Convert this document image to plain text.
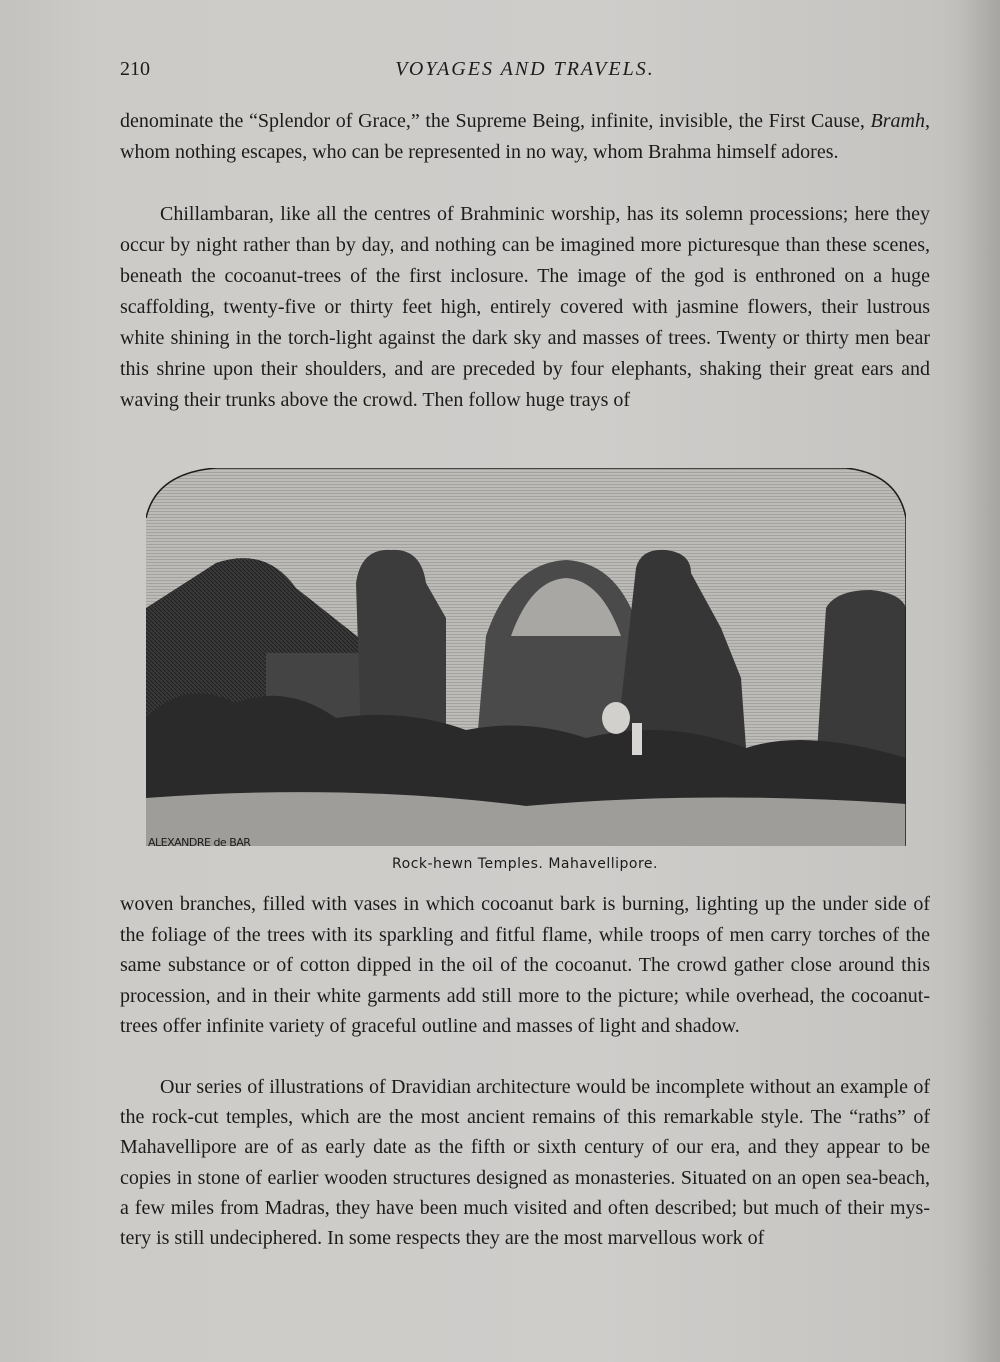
210	VOYAGES AND TRAVELS.

denominate the “Splendor of Grace,” the Supreme Being, infinite, invisible, the First Cause, Bramh, whom nothing escapes, who can be represented in no way, whom Brahma himself adores.

Chillambaran, like all the centres of Brahminic worship, has its solemn processions; here they occur by night rather than by day, and nothing can be imagined more picturesque than these scenes, beneath the cocoanut-trees of the first inclosure. The image of the god is enthroned on a huge scaffolding, twenty-five or thirty feet high, entirely covered with jasmine flowers, their lustrous white shining in the torch-light against the dark sky and masses of trees. Twenty or thirty men bear this shrine upon their shoulders, and are preceded by four elephants, shaking their great ears and waving their trunks above the crowd. Then follow huge trays of

ALEXANDRE de BAR
Rock-hewn Temples. Mahavellipore.

woven branches, filled with vases in which cocoanut bark is burning, lighting up the under side of the foliage of the trees with its sparkling and fitful flame, while troops of men carry torches of the same substance or of cotton dipped in the oil of the cocoanut. The crowd gather close around this procession, and in their white garments add still more to the picture; while overhead, the cocoanut-trees offer infinite variety of graceful outline and masses of light and shadow.

Our series of illustrations of Dravidian architecture would be incomplete without an example of the rock-cut temples, which are the most ancient remains of this remarkable style. The “raths” of Mahavellipore are of as early date as the fifth or sixth century of our era, and they appear to be copies in stone of earlier wooden structures designed as monasteries. Situated on an open sea-beach, a few miles from Madras, they have been much visited and often described; but much of their mystery is still undeciphered. In some respects they are the most marvellous work of
